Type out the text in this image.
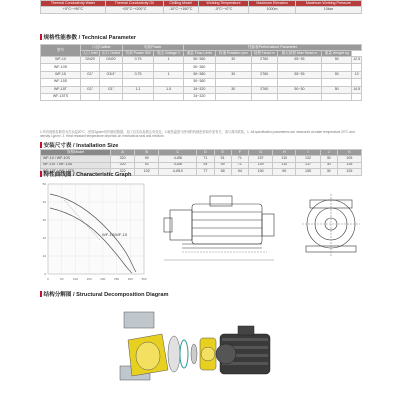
Thermal Conductivity Water	Thermal Conductivity Oil	Chilling Model	Working Temperature	Maximum Elevation	Maximum Working Pressure
+5°C~+90°C	+20°C~+200°C	-10°C~+160°C	-5°C~+0°C	1000m	10bar
规格性能参数 / Technical Parameter
型号	口径Caliber		电机Power		性能表Performance Parameter					
	入口 Inlet	出口 Outlet	功率 Power KW	电压 Voltage V	流量 Flow L/min	转速 Rotation rpm	扬程 Head m	最大扬程 Max Head m	重量 Weight kg	
WF-10	DN20	DN20	0.75	1	50~380	30	2760	55~35	50	12.5
WF-10S					50~380					
WF-15	G1"	G3/4"	0.75	1	50~380	30	2760	55~35	50	13
WF-15S					50~380					
WF-15T	G1"	G1"	1.1	1.5	34~320	30	2760	50~30	50	14.5
WF-15TS					34~320					
1.所有规格参数均为在水温20°C、密度1g/cm³时的测试数据，加工后实际参数会有变化。2.耐热温度与使用的机械密封和介质有关，请与我司联系。1. All specification parameters are measured at water temperature 20°C and density 1g/cm³. 2. Heat resistant temperature depends on mechanical seal and medium.
安装尺寸表 / Installation Size
规格Model	A	B	C	D	E	F	G	H	I	J	K
WF-10 / WF-10S	320	90	4-Ø8	71	51	71	157	110	132	30	105
WF-15T / WF-15S	320	92	4-Ø8	94	49	71	149	110	137	30	135
WF-15T / WF-15TS	322	102	4-Ø10	77	58	94	150	90	155	30	125
特性曲线图 / Characteristic Graph
0	50	100	150	200	250	300	350
0
10
20
30
40
50
WF-10/WF-15
结构分解图 / Structural Decomposition Diagram
